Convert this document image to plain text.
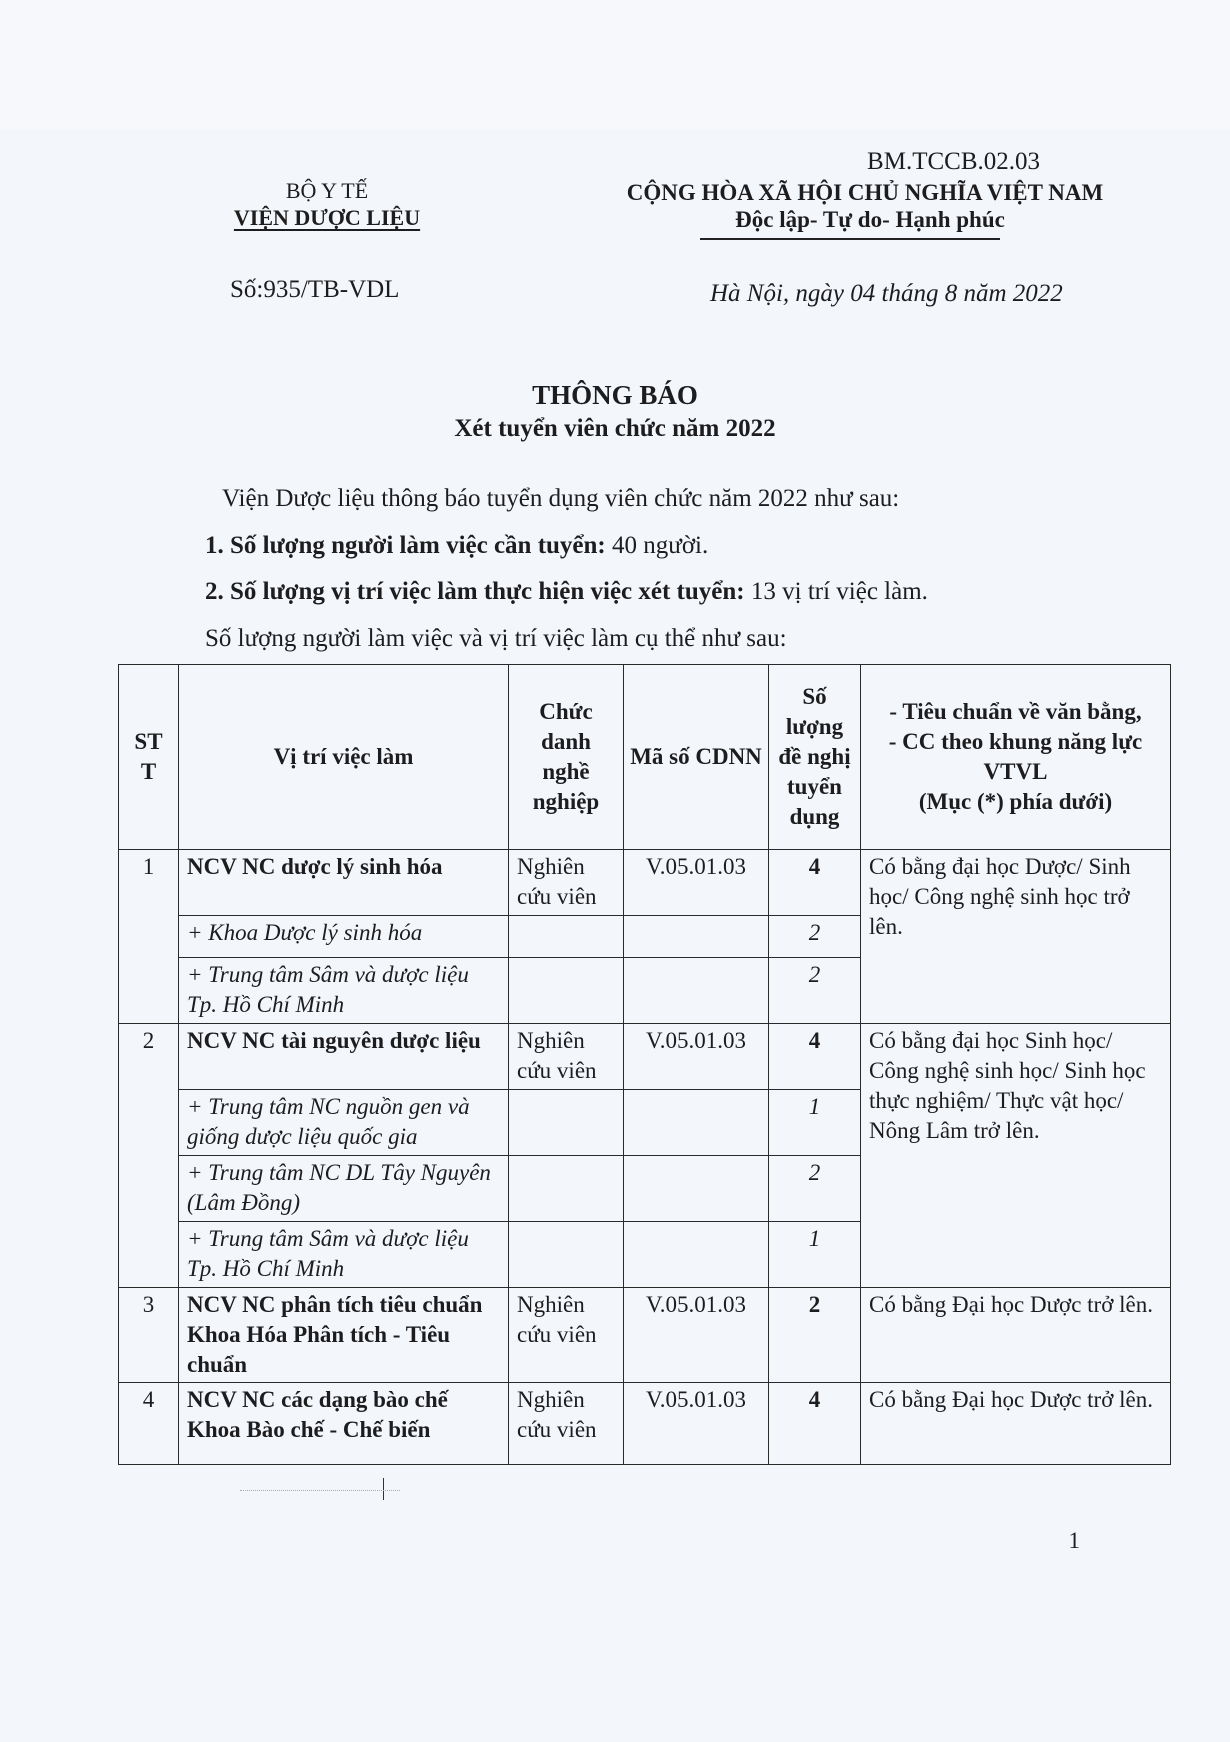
BM.TCCB.02.03
BỘ Y TẾ
VIỆN DƯỢC LIỆU
CỘNG HÒA XÃ HỘI CHỦ NGHĨA VIỆT NAM
Độc lập- Tự do- Hạnh phúc
Số:935/TB-VDL	Hà Nội, ngày 04 tháng 8 năm 2022
THÔNG BÁO
Xét tuyển viên chức năm 2022
Viện Dược liệu thông báo tuyển dụng viên chức năm 2022 như sau:
1. Số lượng người làm việc cần tuyển: 40 người.
2. Số lượng vị trí việc làm thực hiện việc xét tuyển: 13 vị trí việc làm.
Số lượng người làm việc và vị trí việc làm cụ thể như sau:
ST T	Vị trí việc làm	Chức danh nghề nghiệp	Mã số CDNN	Số lượng đề nghị tuyển dụng	- Tiêu chuẩn về văn bằng,
- CC theo khung năng lực VTVL
(Mục (*) phía dưới)

1	NCV NC dược lý sinh hóa	Nghiên cứu viên	V.05.01.03	4	Có bằng đại học Dược/ Sinh học/ Công nghệ sinh học trở lên.
	+ Khoa Dược lý sinh hóa			2	
	+ Trung tâm Sâm và dược liệu Tp. Hồ Chí Minh			2	
2	NCV NC tài nguyên dược liệu	Nghiên cứu viên	V.05.01.03	4	Có bằng đại học Sinh học/ Công nghệ sinh học/ Sinh học thực nghiệm/ Thực vật học/ Nông Lâm trở lên.
	+ Trung tâm NC nguồn gen và giống dược liệu quốc gia			1	
	+ Trung tâm NC DL Tây Nguyên (Lâm Đồng)			2	
	+ Trung tâm Sâm và dược liệu Tp. Hồ Chí Minh			1	
3	NCV NC phân tích tiêu chuẩn Khoa Hóa Phân tích - Tiêu chuẩn	Nghiên cứu viên	V.05.01.03	2	Có bằng Đại học Dược trở lên.
4	NCV NC các dạng bào chế Khoa Bào chế - Chế biến	Nghiên cứu viên	V.05.01.03	4	Có bằng Đại học Dược trở lên.
1
